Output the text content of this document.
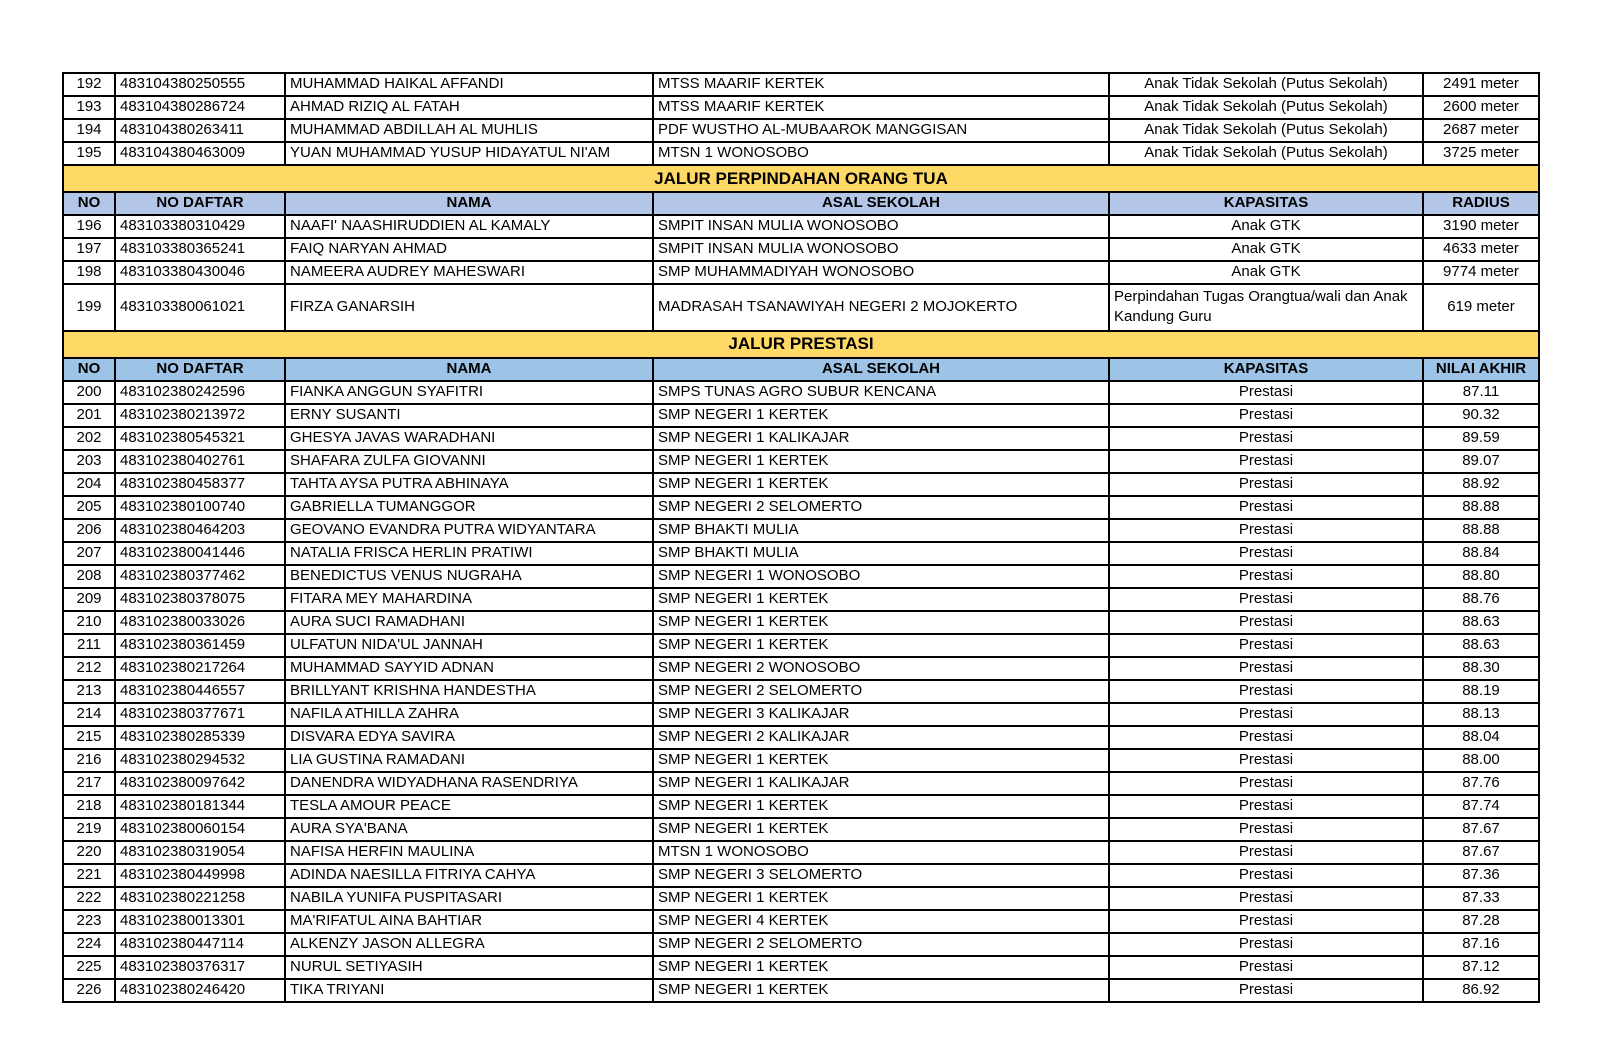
192	483104380250555	MUHAMMAD HAIKAL AFFANDI	MTSS MAARIF KERTEK	Anak Tidak Sekolah (Putus Sekolah)	2491 meter
193	483104380286724	AHMAD RIZIQ AL FATAH	MTSS MAARIF KERTEK	Anak Tidak Sekolah (Putus Sekolah)	2600 meter
194	483104380263411	MUHAMMAD ABDILLAH AL MUHLIS	PDF WUSTHO AL-MUBAAROK MANGGISAN	Anak Tidak Sekolah (Putus Sekolah)	2687 meter
195	483104380463009	YUAN MUHAMMAD YUSUP HIDAYATUL NI'AM	MTSN 1 WONOSOBO	Anak Tidak Sekolah (Putus Sekolah)	3725 meter
JALUR PERPINDAHAN ORANG TUA					
NO	NO DAFTAR	NAMA	ASAL SEKOLAH	KAPASITAS	RADIUS
196	483103380310429	NAAFI' NAASHIRUDDIEN AL KAMALY	SMPIT INSAN MULIA WONOSOBO	Anak GTK	3190 meter
197	483103380365241	FAIQ NARYAN AHMAD	SMPIT INSAN MULIA WONOSOBO	Anak GTK	4633 meter
198	483103380430046	NAMEERA AUDREY MAHESWARI	SMP MUHAMMADIYAH WONOSOBO	Anak GTK	9774 meter
199	483103380061021	FIRZA GANARSIH	MADRASAH TSANAWIYAH NEGERI 2 MOJOKERTO	Perpindahan Tugas Orangtua/wali dan Anak Kandung Guru	619 meter
JALUR PRESTASI					
NO	NO DAFTAR	NAMA	ASAL SEKOLAH	KAPASITAS	NILAI AKHIR
200	483102380242596	FIANKA ANGGUN SYAFITRI	SMPS TUNAS AGRO SUBUR KENCANA	Prestasi	87.11
201	483102380213972	ERNY SUSANTI	SMP NEGERI 1 KERTEK	Prestasi	90.32
202	483102380545321	GHESYA JAVAS WARADHANI	SMP NEGERI 1 KALIKAJAR	Prestasi	89.59
203	483102380402761	SHAFARA ZULFA GIOVANNI	SMP NEGERI 1 KERTEK	Prestasi	89.07
204	483102380458377	TAHTA AYSA PUTRA ABHINAYA	SMP NEGERI 1 KERTEK	Prestasi	88.92
205	483102380100740	GABRIELLA TUMANGGOR	SMP NEGERI 2 SELOMERTO	Prestasi	88.88
206	483102380464203	GEOVANO EVANDRA PUTRA WIDYANTARA	SMP BHAKTI MULIA	Prestasi	88.88
207	483102380041446	NATALIA FRISCA HERLIN PRATIWI	SMP BHAKTI MULIA	Prestasi	88.84
208	483102380377462	BENEDICTUS VENUS NUGRAHA	SMP NEGERI 1 WONOSOBO	Prestasi	88.80
209	483102380378075	FITARA MEY MAHARDINA	SMP NEGERI 1 KERTEK	Prestasi	88.76
210	483102380033026	AURA SUCI RAMADHANI	SMP NEGERI 1 KERTEK	Prestasi	88.63
211	483102380361459	ULFATUN NIDA'UL JANNAH	SMP NEGERI 1 KERTEK	Prestasi	88.63
212	483102380217264	MUHAMMAD SAYYID ADNAN	SMP NEGERI 2 WONOSOBO	Prestasi	88.30
213	483102380446557	BRILLYANT KRISHNA HANDESTHA	SMP NEGERI 2 SELOMERTO	Prestasi	88.19
214	483102380377671	NAFILA ATHILLA ZAHRA	SMP NEGERI 3 KALIKAJAR	Prestasi	88.13
215	483102380285339	DISVARA EDYA SAVIRA	SMP NEGERI 2 KALIKAJAR	Prestasi	88.04
216	483102380294532	LIA GUSTINA RAMADANI	SMP NEGERI 1 KERTEK	Prestasi	88.00
217	483102380097642	DANENDRA WIDYADHANA RASENDRIYA	SMP NEGERI 1 KALIKAJAR	Prestasi	87.76
218	483102380181344	TESLA AMOUR PEACE	SMP NEGERI 1 KERTEK	Prestasi	87.74
219	483102380060154	AURA SYA'BANA	SMP NEGERI 1 KERTEK	Prestasi	87.67
220	483102380319054	NAFISA HERFIN MAULINA	MTSN 1 WONOSOBO	Prestasi	87.67
221	483102380449998	ADINDA NAESILLA FITRIYA CAHYA	SMP NEGERI 3 SELOMERTO	Prestasi	87.36
222	483102380221258	NABILA YUNIFA PUSPITASARI	SMP NEGERI 1 KERTEK	Prestasi	87.33
223	483102380013301	MA'RIFATUL AINA BAHTIAR	SMP NEGERI 4 KERTEK	Prestasi	87.28
224	483102380447114	ALKENZY JASON ALLEGRA	SMP NEGERI 2 SELOMERTO	Prestasi	87.16
225	483102380376317	NURUL SETIYASIH	SMP NEGERI 1 KERTEK	Prestasi	87.12
226	483102380246420	TIKA TRIYANI	SMP NEGERI 1 KERTEK	Prestasi	86.92
